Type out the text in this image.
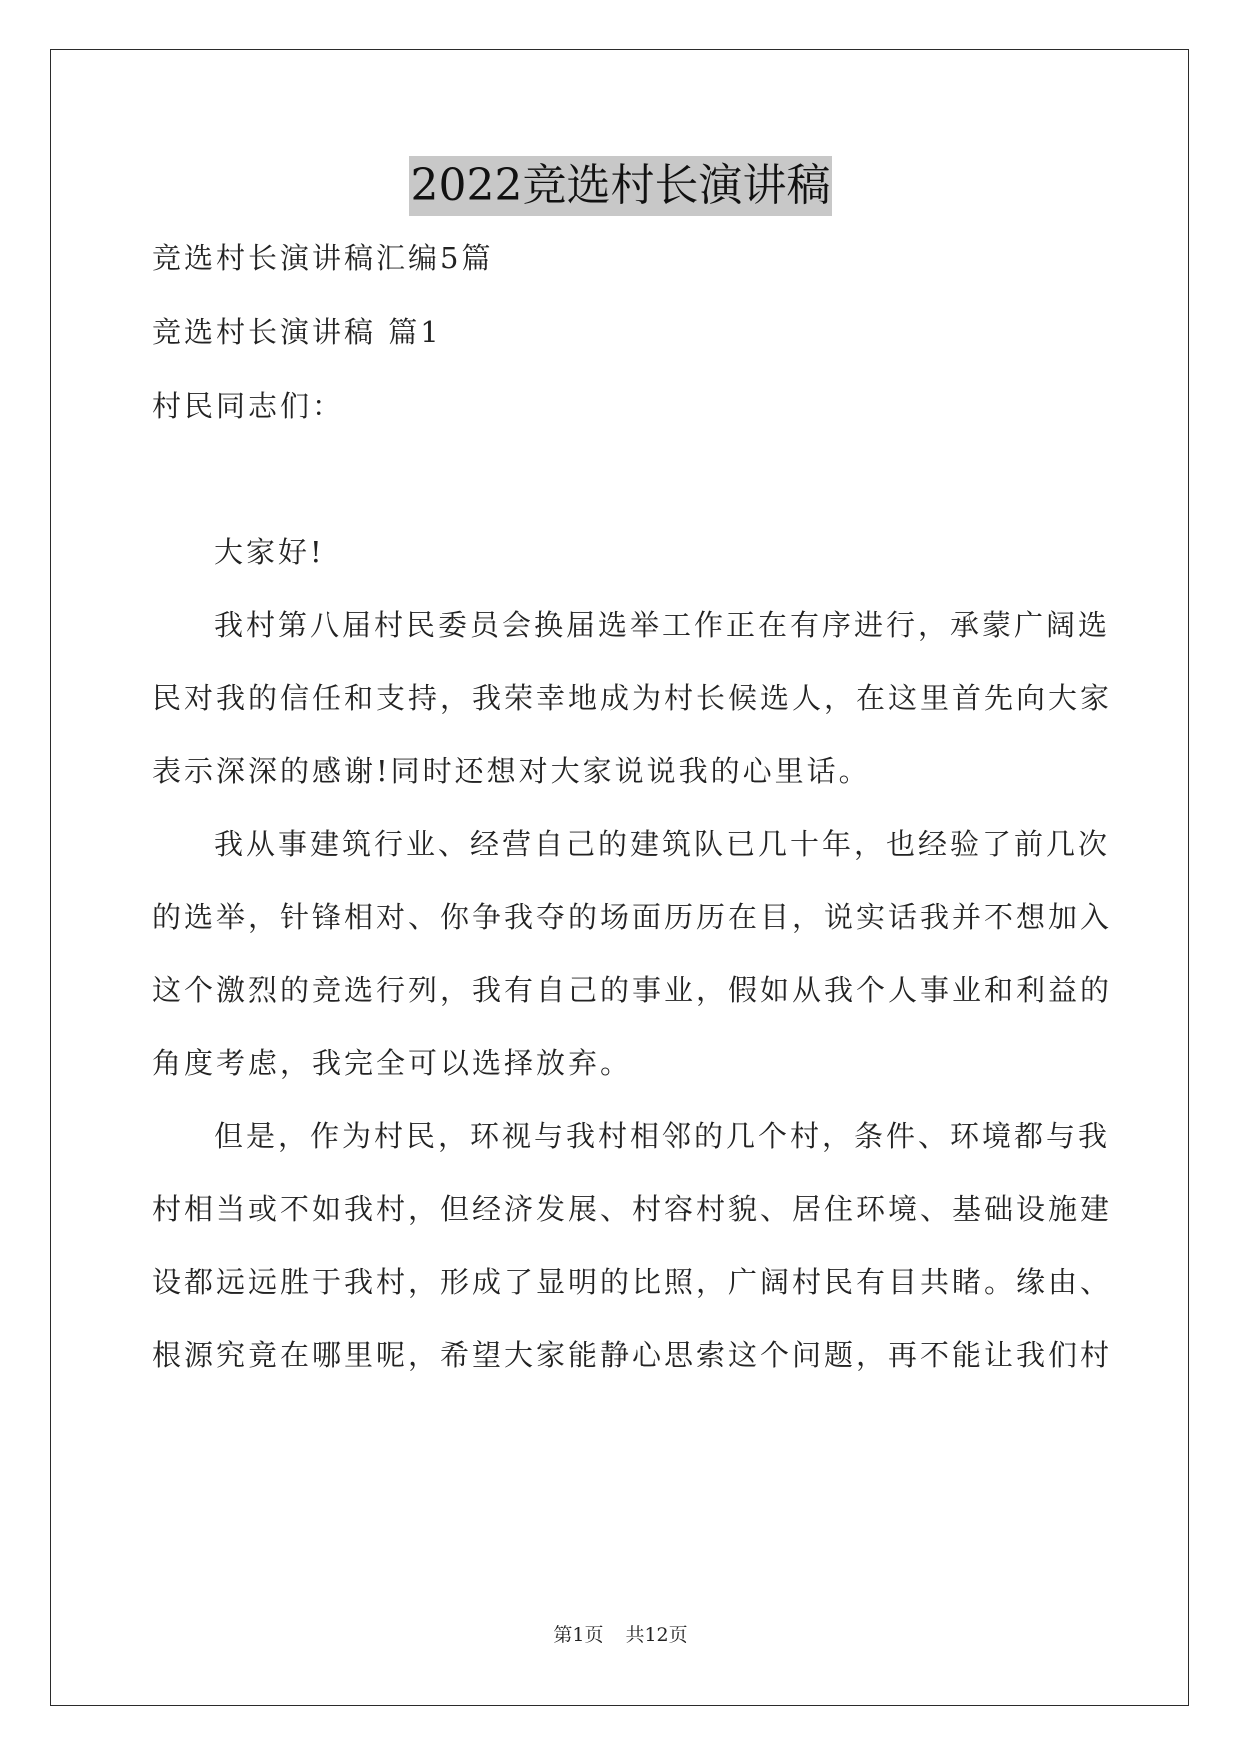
2022竞选村长演讲稿
竞选村长演讲稿汇编5篇
竞选村长演讲稿 篇1
村民同志们：
大家好!
我村第八届村民委员会换届选举工作正在有序进行，承蒙广阔选
民对我的信任和支持，我荣幸地成为村长候选人，在这里首先向大家
表示深深的感谢!同时还想对大家说说我的心里话。
我从事建筑行业、经营自己的建筑队已几十年，也经验了前几次
的选举，针锋相对、你争我夺的场面历历在目，说实话我并不想加入
这个激烈的竞选行列，我有自己的事业，假如从我个人事业和利益的
角度考虑，我完全可以选择放弃。
但是，作为村民，环视与我村相邻的几个村，条件、环境都与我
村相当或不如我村，但经济发展、村容村貌、居住环境、基础设施建
设都远远胜于我村，形成了显明的比照，广阔村民有目共睹。缘由、
根源究竟在哪里呢，希望大家能静心思索这个问题，再不能让我们村
第1页 共12页
